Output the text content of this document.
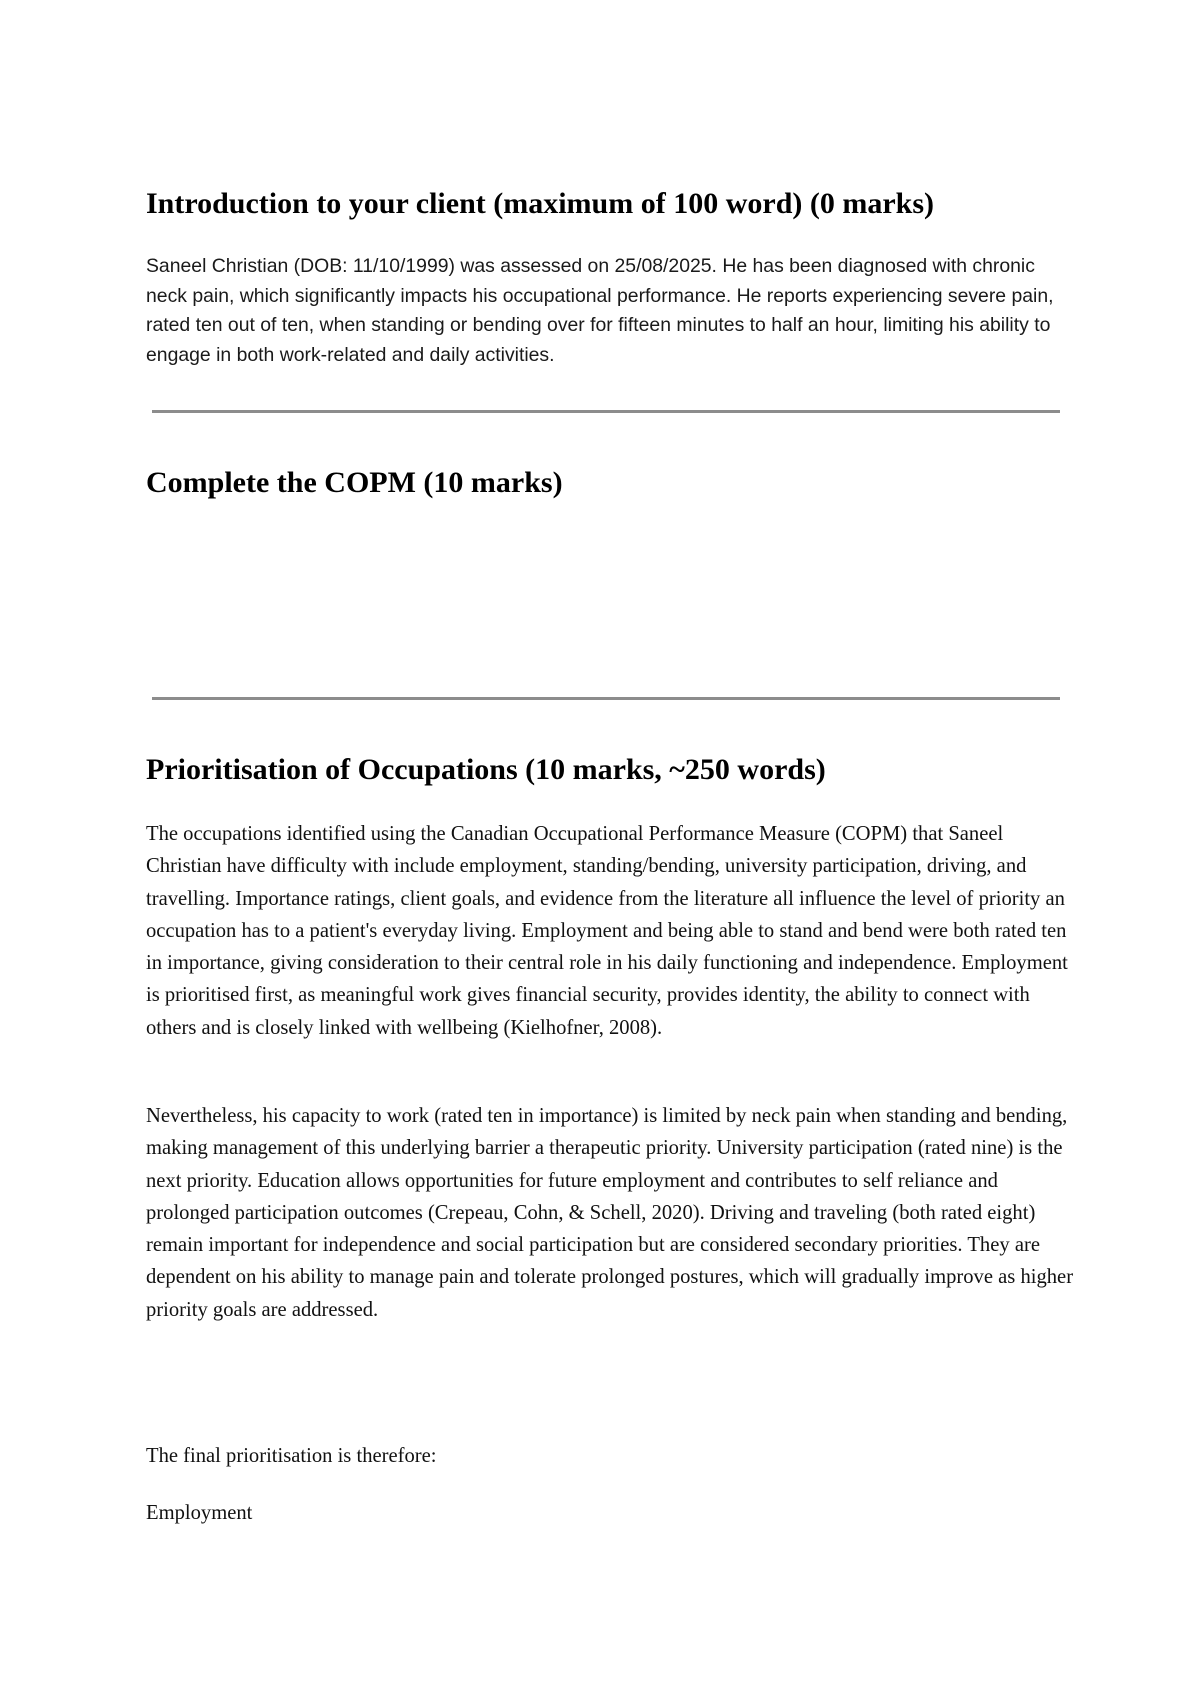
Introduction to your client (maximum of 100 word) (0 marks)

Saneel Christian (DOB: 11/10/1999) was assessed on 25/08/2025. He has been diagnosed with chronic neck pain, which significantly impacts his occupational performance. He reports experiencing severe pain, rated ten out of ten, when standing or bending over for fifteen minutes to half an hour, limiting his ability to engage in both work-related and daily activities.

Complete the COPM (10 marks)
Prioritisation of Occupations (10 marks, ~250 words)

The occupations identified using the Canadian Occupational Performance Measure (COPM) that Saneel Christian have difficulty with include employment, standing/bending, university participation, driving, and travelling. Importance ratings, client goals, and evidence from the literature all influence the level of priority an occupation has to a patient's everyday living. Employment and being able to stand and bend were both rated ten in importance, giving consideration to their central role in his daily functioning and independence. Employment is prioritised first, as meaningful work gives financial security, provides identity, the ability to connect with others and is closely linked with wellbeing (Kielhofner, 2008).

Nevertheless, his capacity to work (rated ten in importance) is limited by neck pain when standing and bending, making management of this underlying barrier a therapeutic priority. University participation (rated nine) is the next priority. Education allows opportunities for future employment and contributes to self reliance and prolonged participation outcomes (Crepeau, Cohn, & Schell, 2020). Driving and traveling (both rated eight) remain important for independence and social participation but are considered secondary priorities. They are dependent on his ability to manage pain and tolerate prolonged postures, which will gradually improve as higher priority goals are addressed.

The final prioritisation is therefore:

Employment
